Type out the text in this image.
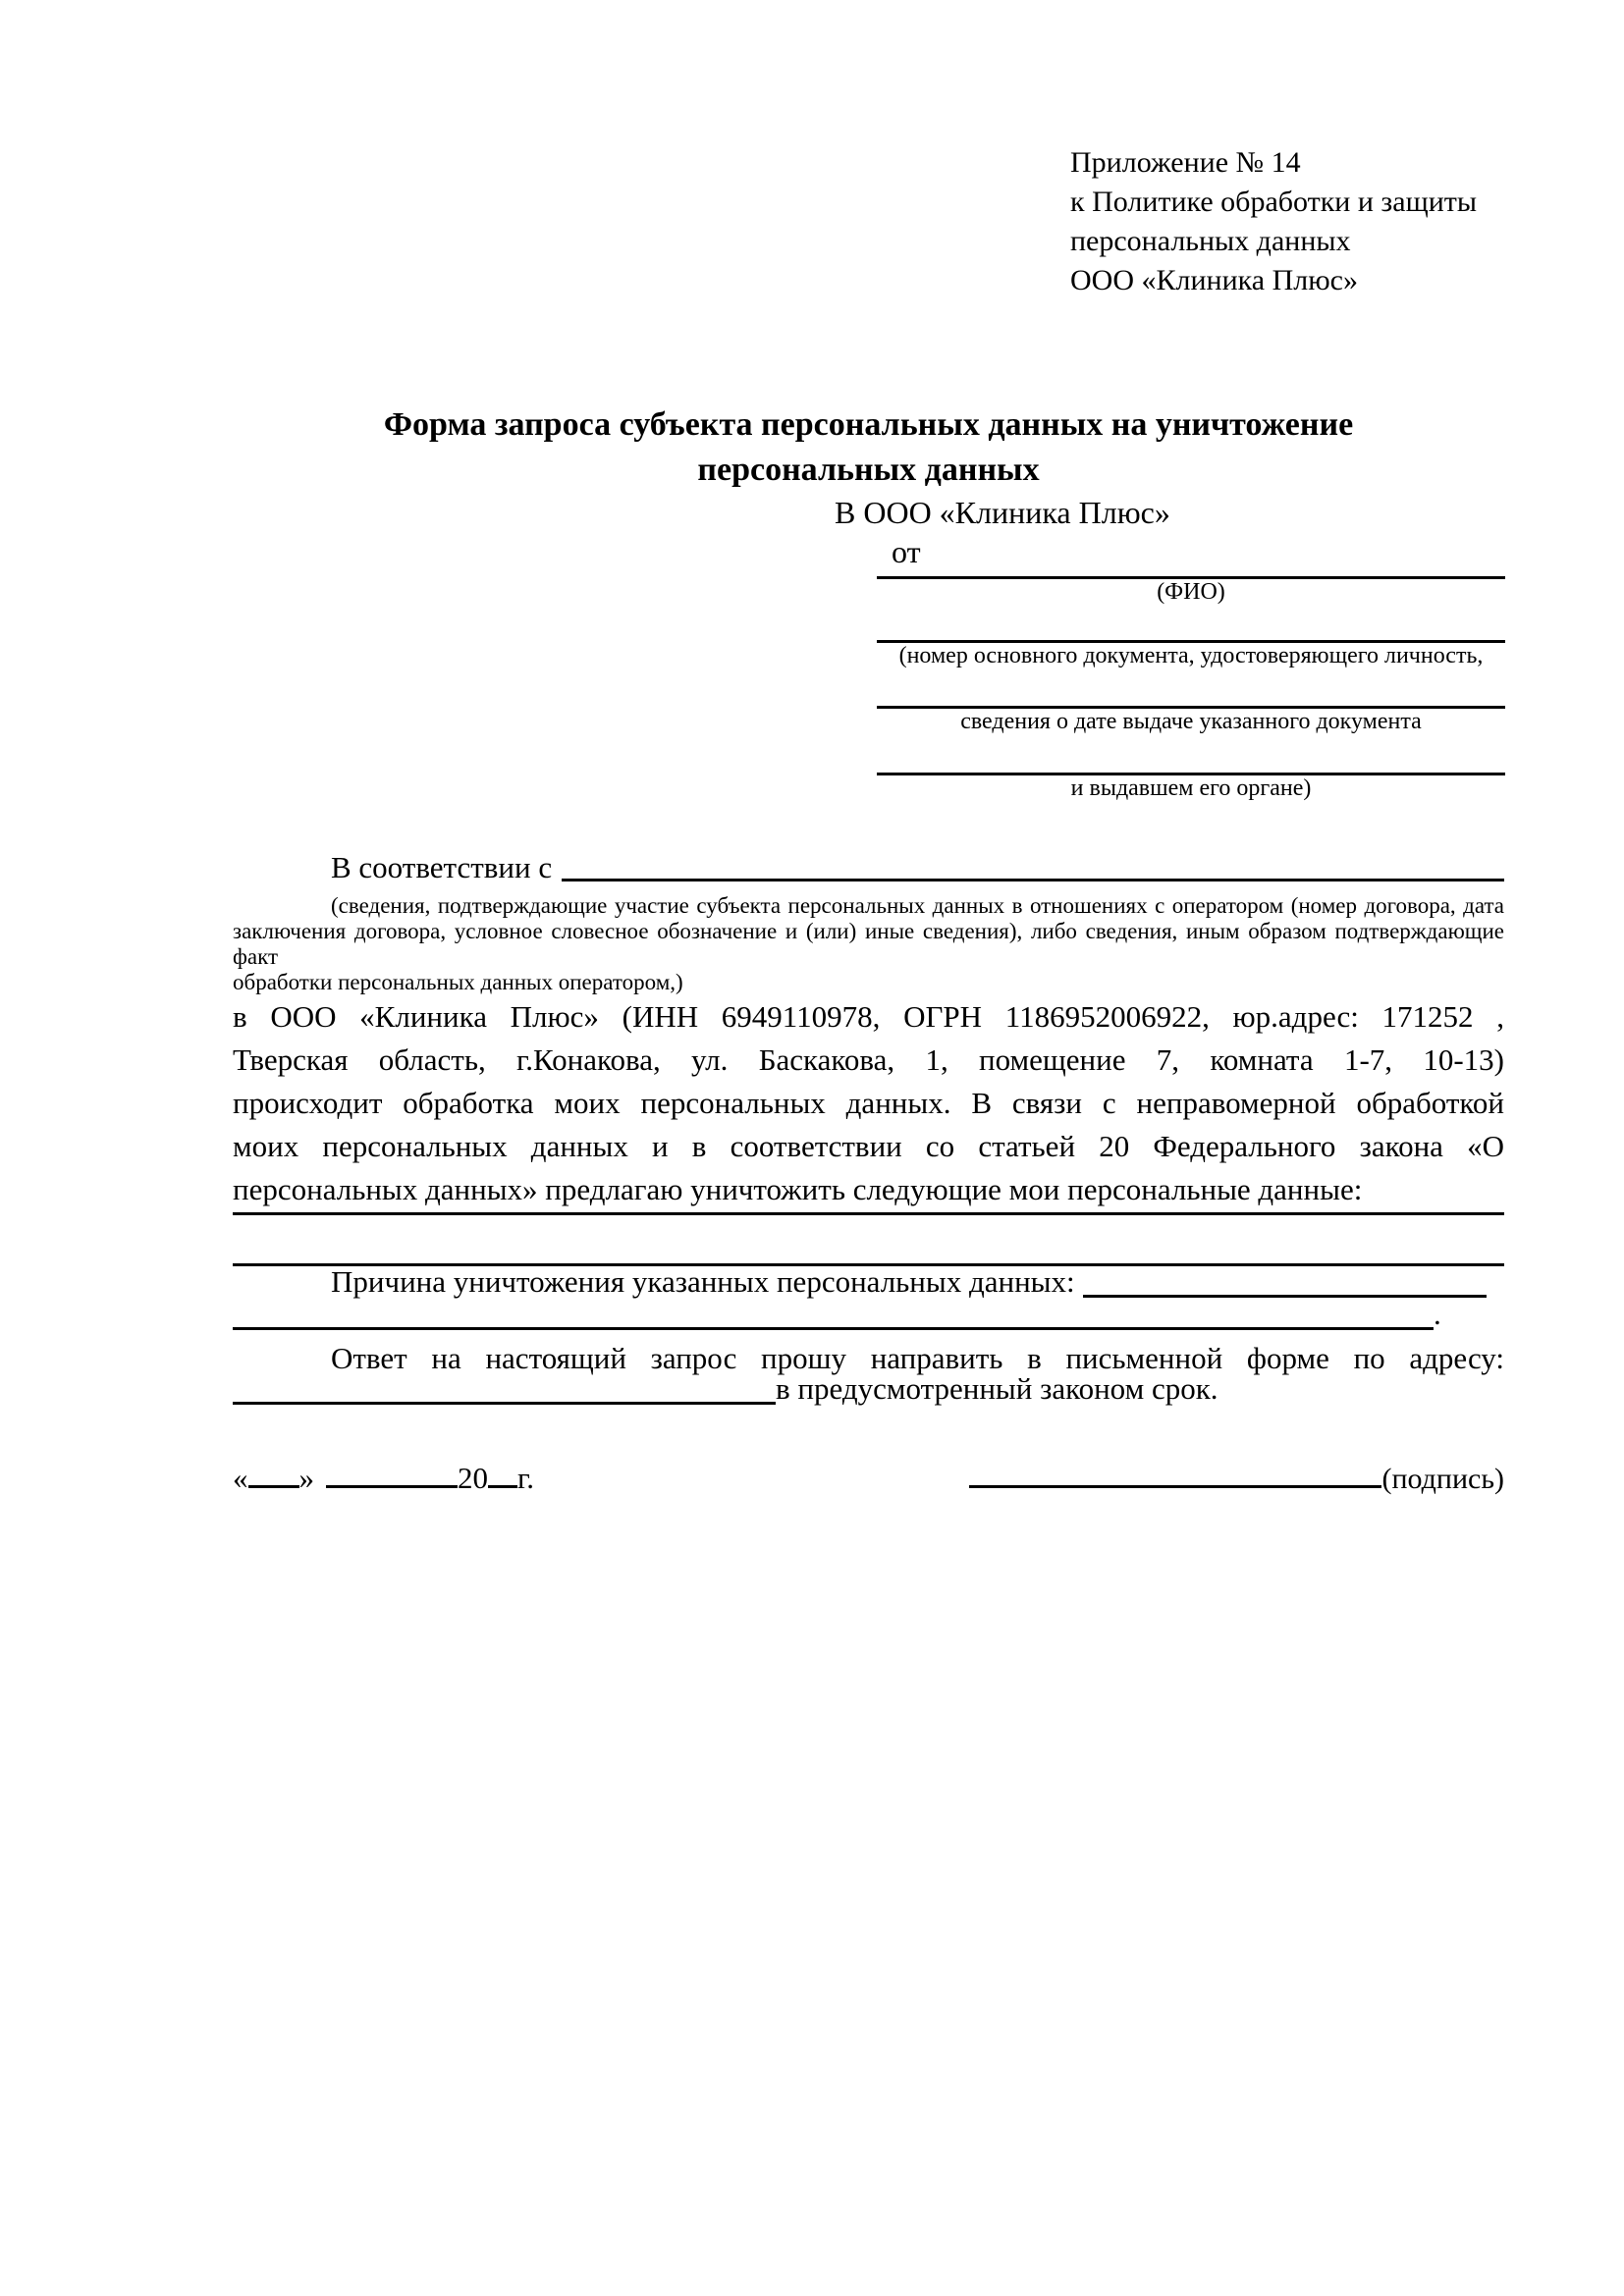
Приложение № 14
к Политике обработки и защиты
персональных данных
ООО «Клиника Плюс»
Форма запроса субъекта персональных данных на уничтожение
персональных данных
В ООО «Клиника Плюс»
от
(ФИО)
(номер основного документа, удостоверяющего личность,
сведения о дате выдаче указанного документа
и выдавшем его органе)
В соответствии с
(сведения, подтверждающие участие субъекта персональных данных в отношениях с оператором (номер договора, дата
заключения договора, условное словесное обозначение и (или) иные сведения), либо сведения, иным образом подтверждающие факт
обработки персональных данных оператором,)
в ООО «Клиника Плюс» (ИНН 6949110978, ОГРН 1186952006922, юр.адрес: 171252 ,
Тверская область, г.Конакова, ул. Баскакова, 1, помещение 7, комната 1-7, 10-13)
происходит обработка моих персональных данных. В связи с неправомерной обработкой
моих персональных данных и в соответствии со статьей 20 Федерального закона «О
персональных данных» предлагаю уничтожить следующие мои персональные данные:
Причина уничтожения указанных персональных данных:
.
Ответ на настоящий запрос прошу направить в письменной форме по адресу:
в предусмотренный законом срок.
« »	20 г.	(подпись)
